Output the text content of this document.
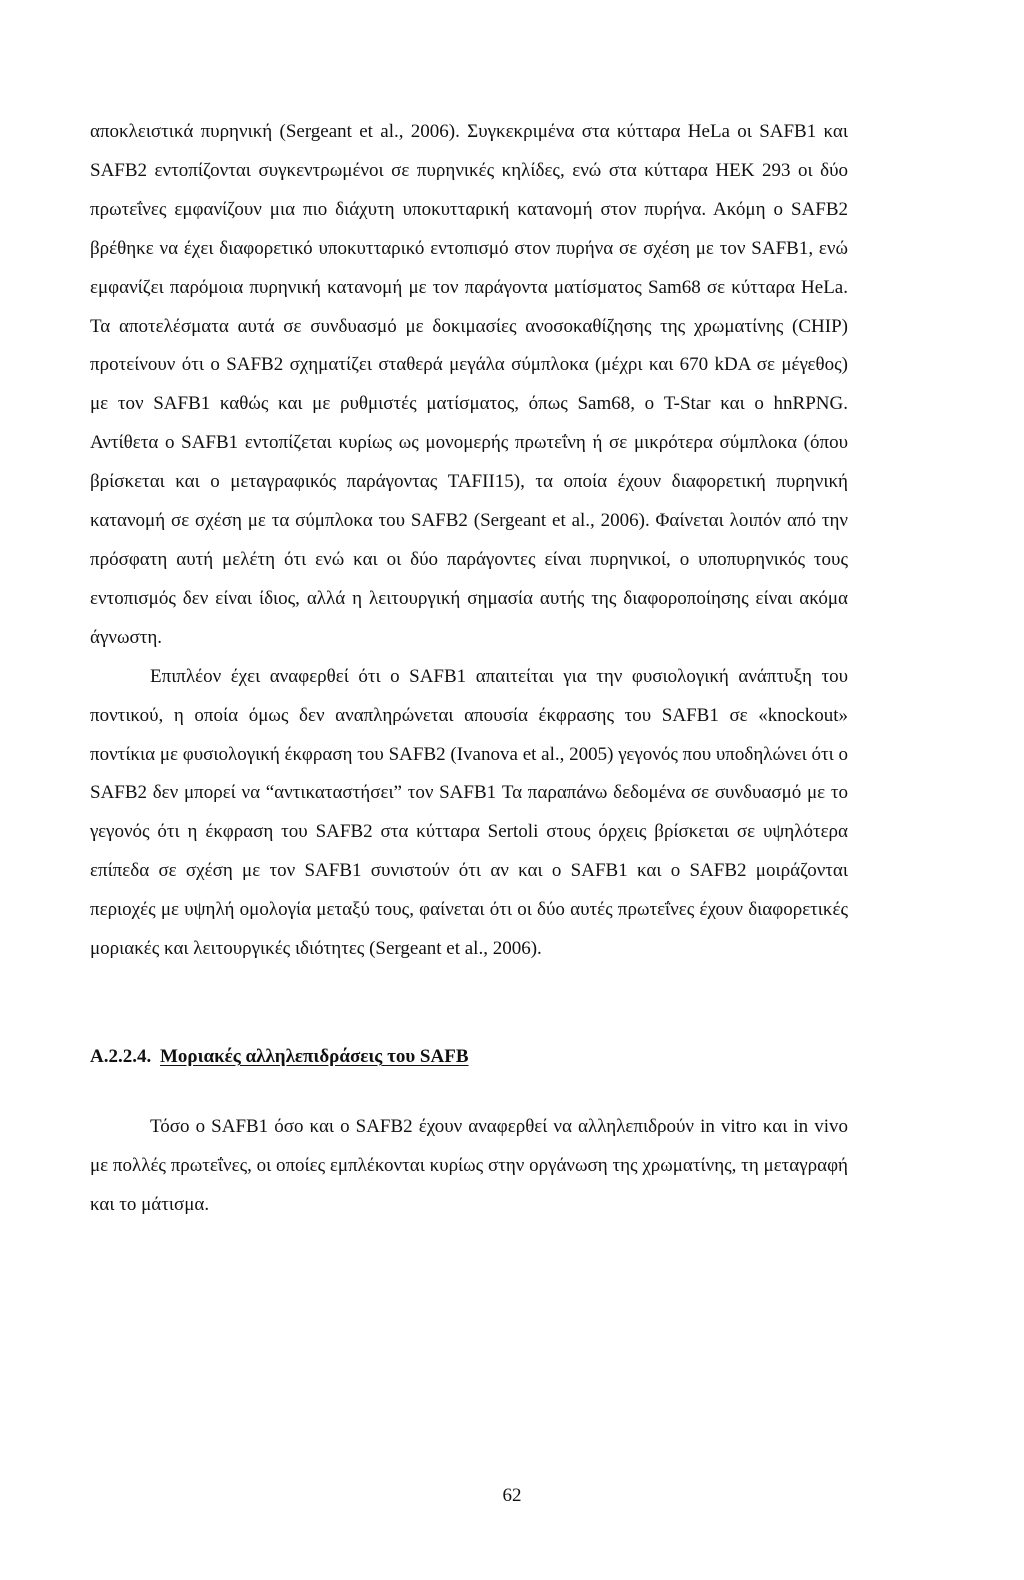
αποκλειστικά πυρηνική (Sergeant et al., 2006). Συγκεκριμένα στα κύτταρα HeLa οι SAFB1 και SAFB2 εντοπίζονται συγκεντρωμένοι σε πυρηνικές κηλίδες, ενώ στα κύτταρα HEK 293 οι δύο πρωτεΐνες εμφανίζουν μια πιο διάχυτη υποκυτταρική κατανομή στον πυρήνα. Ακόμη ο SAFB2 βρέθηκε να έχει διαφορετικό υποκυτταρικό εντοπισμό στον πυρήνα σε σχέση με τον SAFB1, ενώ εμφανίζει παρόμοια πυρηνική κατανομή με τον παράγοντα ματίσματος Sam68 σε κύτταρα HeLa. Τα αποτελέσματα αυτά σε συνδυασμό με δοκιμασίες ανοσοκαθίζησης της χρωματίνης (CHIP) προτείνουν ότι ο SAFB2 σχηματίζει σταθερά μεγάλα σύμπλοκα (μέχρι και 670 kDA σε μέγεθος) με τον SAFB1 καθώς και με ρυθμιστές ματίσματος, όπως Sam68, ο T-Star και ο hnRPNG. Αντίθετα ο SAFB1 εντοπίζεται κυρίως ως μονομερής πρωτεΐνη ή σε μικρότερα σύμπλοκα (όπου βρίσκεται και ο μεταγραφικός παράγοντας TAFII15), τα οποία έχουν διαφορετική πυρηνική κατανομή σε σχέση με τα σύμπλοκα του SAFB2 (Sergeant et al., 2006). Φαίνεται λοιπόν από την πρόσφατη αυτή μελέτη ότι ενώ και οι δύο παράγοντες είναι πυρηνικοί, ο υποπυρηνικός τους εντοπισμός δεν είναι ίδιος, αλλά η λειτουργική σημασία αυτής της διαφοροποίησης είναι ακόμα άγνωστη.

Επιπλέον έχει αναφερθεί ότι ο SAFB1 απαιτείται για την φυσιολογική ανάπτυξη του ποντικού, η οποία όμως δεν αναπληρώνεται απουσία έκφρασης του SAFB1 σε «knockout» ποντίκια με φυσιολογική έκφραση του SAFB2 (Ivanova et al., 2005) γεγονός που υποδηλώνει ότι ο SAFB2 δεν μπορεί να “αντικαταστήσει” τον SAFB1 Τα παραπάνω δεδομένα σε συνδυασμό με το γεγονός ότι η έκφραση του SAFB2 στα κύτταρα Sertoli στους όρχεις βρίσκεται σε υψηλότερα επίπεδα σε σχέση με τον SAFB1 συνιστούν ότι αν και ο SAFB1 και ο SAFB2 μοιράζονται περιοχές με υψηλή ομολογία μεταξύ τους, φαίνεται ότι οι δύο αυτές πρωτεΐνες έχουν διαφορετικές μοριακές και λειτουργικές ιδιότητες (Sergeant et al., 2006).

A.2.2.4. Μοριακές αλληλεπιδράσεις του SAFB

Τόσο ο SAFB1 όσο και ο SAFB2 έχουν αναφερθεί να αλληλεπιδρούν in vitro και in vivo με πολλές πρωτεΐνες, οι οποίες εμπλέκονται κυρίως στην οργάνωση της χρωματίνης, τη μεταγραφή και το μάτισμα.

62
